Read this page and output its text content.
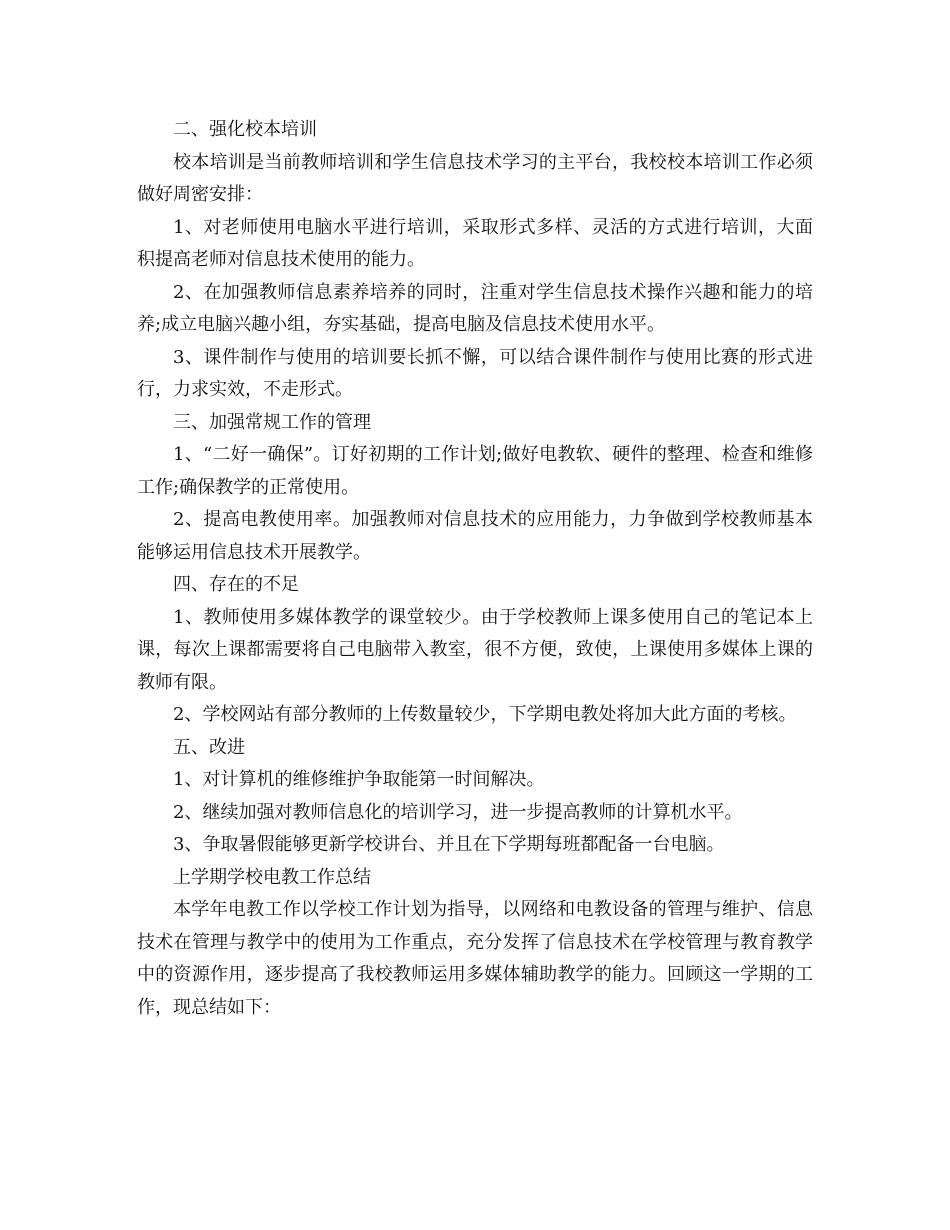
二、强化校本培训

校本培训是当前教师培训和学生信息技术学习的主平台，我校校本培训工作必须做好周密安排：

1、对老师使用电脑水平进行培训，采取形式多样、灵活的方式进行培训，大面积提高老师对信息技术使用的能力。

2、在加强教师信息素养培养的同时，注重对学生信息技术操作兴趣和能力的培养;成立电脑兴趣小组，夯实基础，提高电脑及信息技术使用水平。

3、课件制作与使用的培训要长抓不懈，可以结合课件制作与使用比赛的形式进行，力求实效，不走形式。

三、加强常规工作的管理

1、“二好一确保”。订好初期的工作计划;做好电教软、硬件的整理、检查和维修工作;确保教学的正常使用。

2、提高电教使用率。加强教师对信息技术的应用能力，力争做到学校教师基本能够运用信息技术开展教学。

四、存在的不足

1、教师使用多媒体教学的课堂较少。由于学校教师上课多使用自己的笔记本上课，每次上课都需要将自己电脑带入教室，很不方便，致使，上课使用多媒体上课的教师有限。

2、学校网站有部分教师的上传数量较少，下学期电教处将加大此方面的考核。

五、改进

1、对计算机的维修维护争取能第一时间解决。

2、继续加强对教师信息化的培训学习，进一步提高教师的计算机水平。

3、争取暑假能够更新学校讲台、并且在下学期每班都配备一台电脑。

上学期学校电教工作总结

本学年电教工作以学校工作计划为指导，以网络和电教设备的管理与维护、信息技术在管理与教学中的使用为工作重点，充分发挥了信息技术在学校管理与教育教学中的资源作用，逐步提高了我校教师运用多媒体辅助教学的能力。回顾这一学期的工作，现总结如下：
